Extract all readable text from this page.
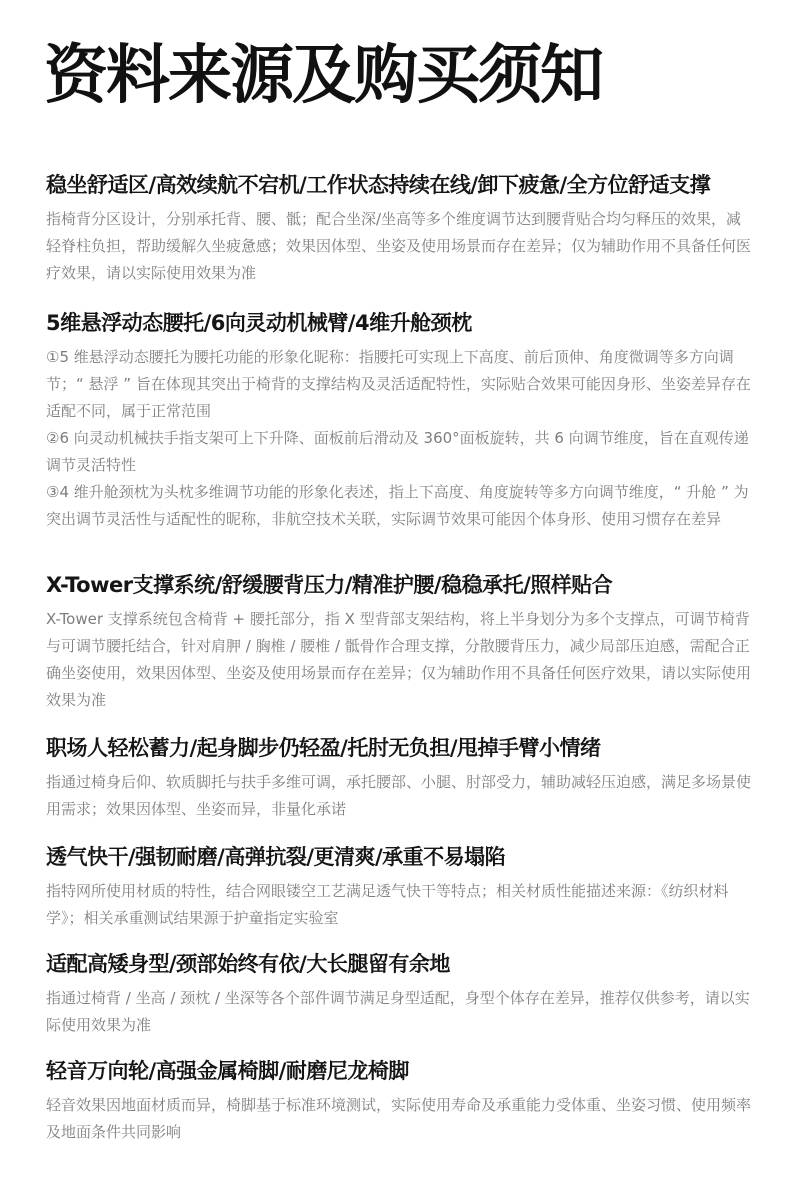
资料来源及购买须知
稳坐舒适区/高效续航不宕机/工作状态持续在线/卸下疲惫/全方位舒适支撑

指椅背分区设计，分别承托背、腰、骶；配合坐深/坐高等多个维度调节达到腰背贴合均匀释压的效果，减轻脊柱负担，帮助缓解久坐疲惫感；效果因体型、坐姿及使用场景而存在差异；仅为辅助作用不具备任何医疗效果，请以实际使用效果为准

5维悬浮动态腰托/6向灵动机械臂/4维升舱颈枕

①5 维悬浮动态腰托为腰托功能的形象化昵称：指腰托可实现上下高度、前后顶伸、角度微调等多方向调节；“ 悬浮 ” 旨在体现其突出于椅背的支撑结构及灵活适配特性，实际贴合效果可能因身形、坐姿差异存在适配不同，属于正常范围

②6 向灵动机械扶手指支架可上下升降、面板前后滑动及 360°面板旋转，共 6 向调节维度，旨在直观传递调节灵活特性

③4 维升舱颈枕为头枕多维调节功能的形象化表述，指上下高度、角度旋转等多方向调节维度，“ 升舱 ” 为突出调节灵活性与适配性的昵称，非航空技术关联，实际调节效果可能因个体身形、使用习惯存在差异

X-Tower支撑系统/舒缓腰背压力/精准护腰/稳稳承托/照样贴合

X-Tower 支撑系统包含椅背 + 腰托部分，指 X 型背部支架结构，将上半身划分为多个支撑点，可调节椅背与可调节腰托结合，针对肩胛 / 胸椎 / 腰椎 / 骶骨作合理支撑，分散腰背压力，减少局部压迫感，需配合正确坐姿使用，效果因体型、坐姿及使用场景而存在差异；仅为辅助作用不具备任何医疗效果，请以实际使用效果为准

职场人轻松蓄力/起身脚步仍轻盈/托肘无负担/甩掉手臂小情绪

指通过椅身后仰、软质脚托与扶手多维可调，承托腰部、小腿、肘部受力，辅助减轻压迫感，满足多场景使用需求；效果因体型、坐姿而异，非量化承诺

透气快干/强韧耐磨/高弹抗裂/更清爽/承重不易塌陷

指特网所使用材质的特性，结合网眼镂空工艺满足透气快干等特点；相关材质性能描述来源：《纺织材料学》；相关承重测试结果源于护童指定实验室

适配高矮身型/颈部始终有依/大长腿留有余地

指通过椅背 / 坐高 / 颈枕 / 坐深等各个部件调节满足身型适配，身型个体存在差异，推荐仅供参考，请以实际使用效果为准

轻音万向轮/高强金属椅脚/耐磨尼龙椅脚

轻音效果因地面材质而异，椅脚基于标准环境测试，实际使用寿命及承重能力受体重、坐姿习惯、使用频率及地面条件共同影响
